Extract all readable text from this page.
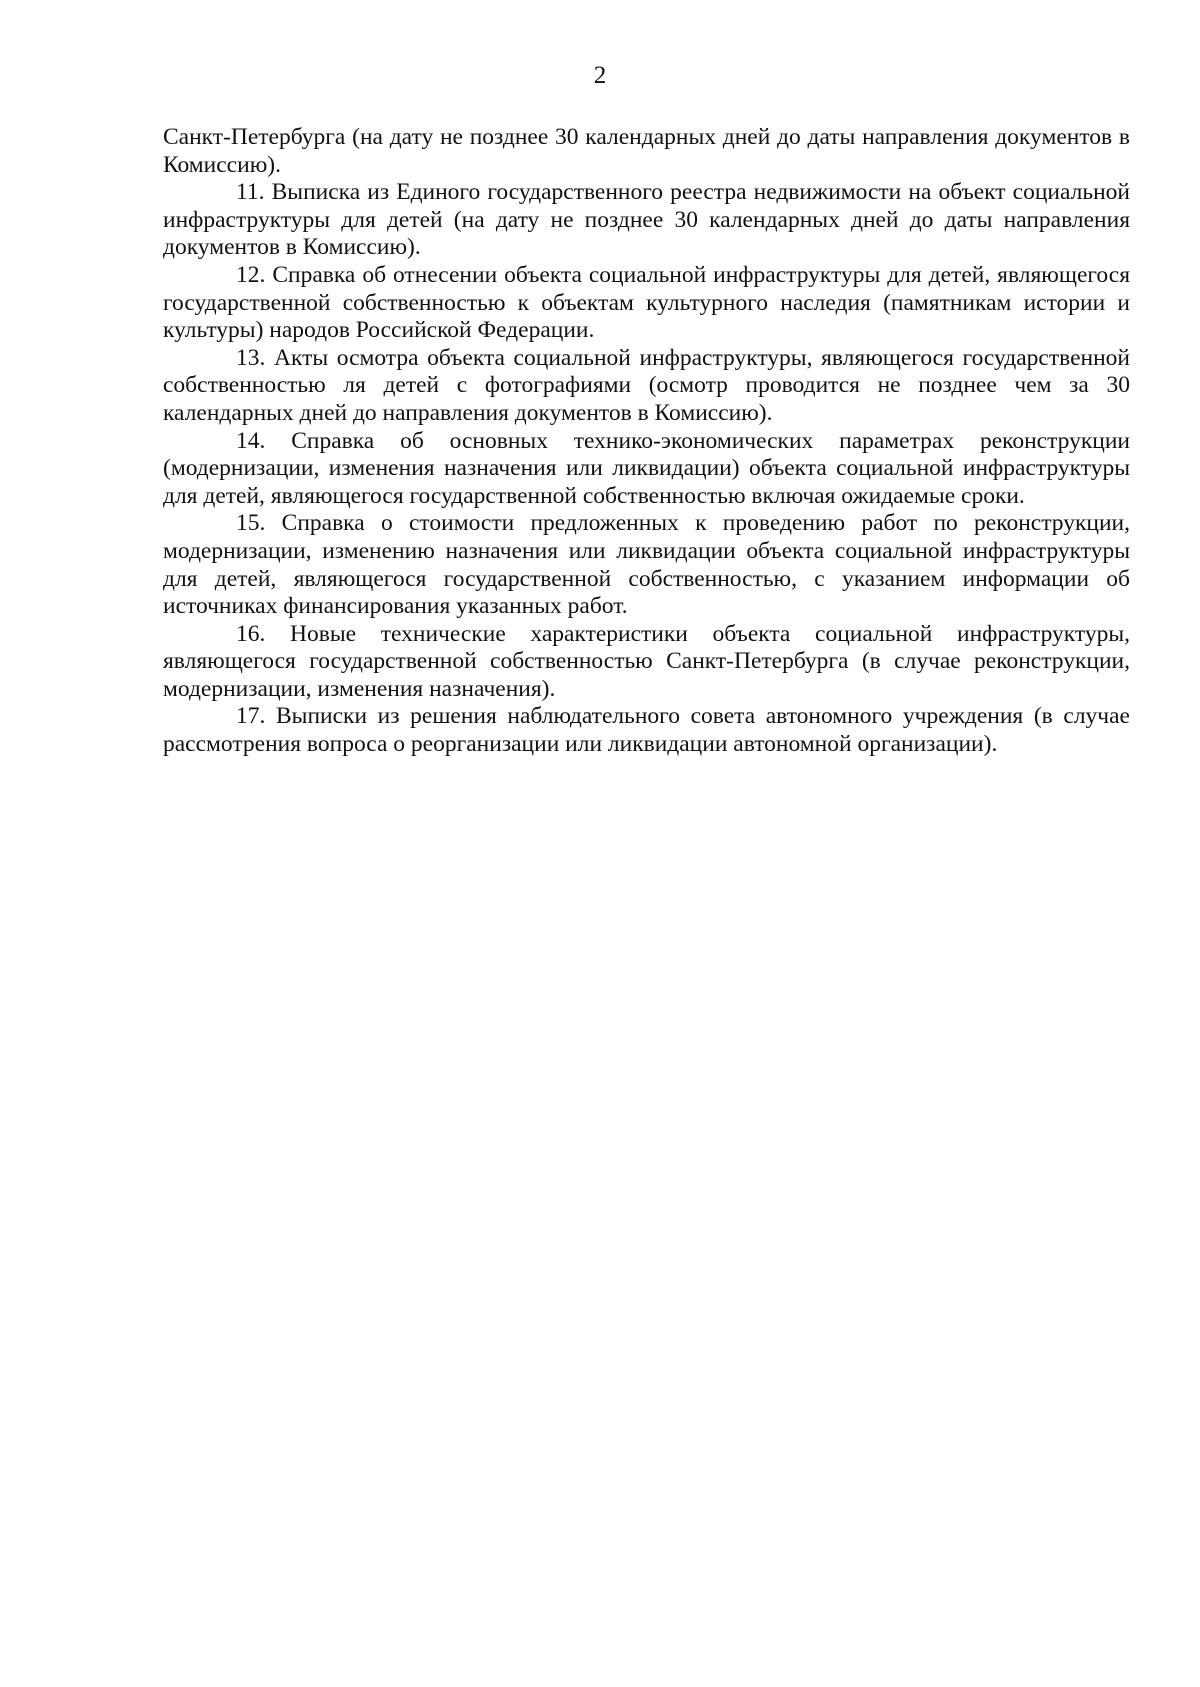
2

Санкт-Петербурга (на дату не позднее 30 календарных дней до даты направления документов в Комиссию).

11. Выписка из Единого государственного реестра недвижимости на объект социальной инфраструктуры для детей (на дату не позднее 30 календарных дней до даты направления документов в Комиссию).

12. Справка об отнесении объекта социальной инфраструктуры для детей, являющегося государственной собственностью к объектам культурного наследия (памятникам истории и культуры) народов Российской Федерации.

13. Акты осмотра объекта социальной инфраструктуры, являющегося государственной собственностью ля детей с фотографиями (осмотр проводится не позднее чем за 30 календарных дней до направления документов в Комиссию).

14. Справка об основных технико-экономических параметрах реконструкции (модернизации, изменения назначения или ликвидации) объекта социальной инфраструктуры для детей, являющегося государственной собственностью включая ожидаемые сроки.

15. Справка о стоимости предложенных к проведению работ по реконструкции, модернизации, изменению назначения или ликвидации объекта социальной инфраструктуры для детей, являющегося государственной собственностью, с указанием информации об источниках финансирования указанных работ.

16. Новые технические характеристики объекта социальной инфраструктуры, являющегося государственной собственностью Санкт-Петербурга (в случае реконструкции, модернизации, изменения назначения).

17. Выписки из решения наблюдательного совета автономного учреждения (в случае рассмотрения вопроса о реорганизации или ликвидации автономной организации).
